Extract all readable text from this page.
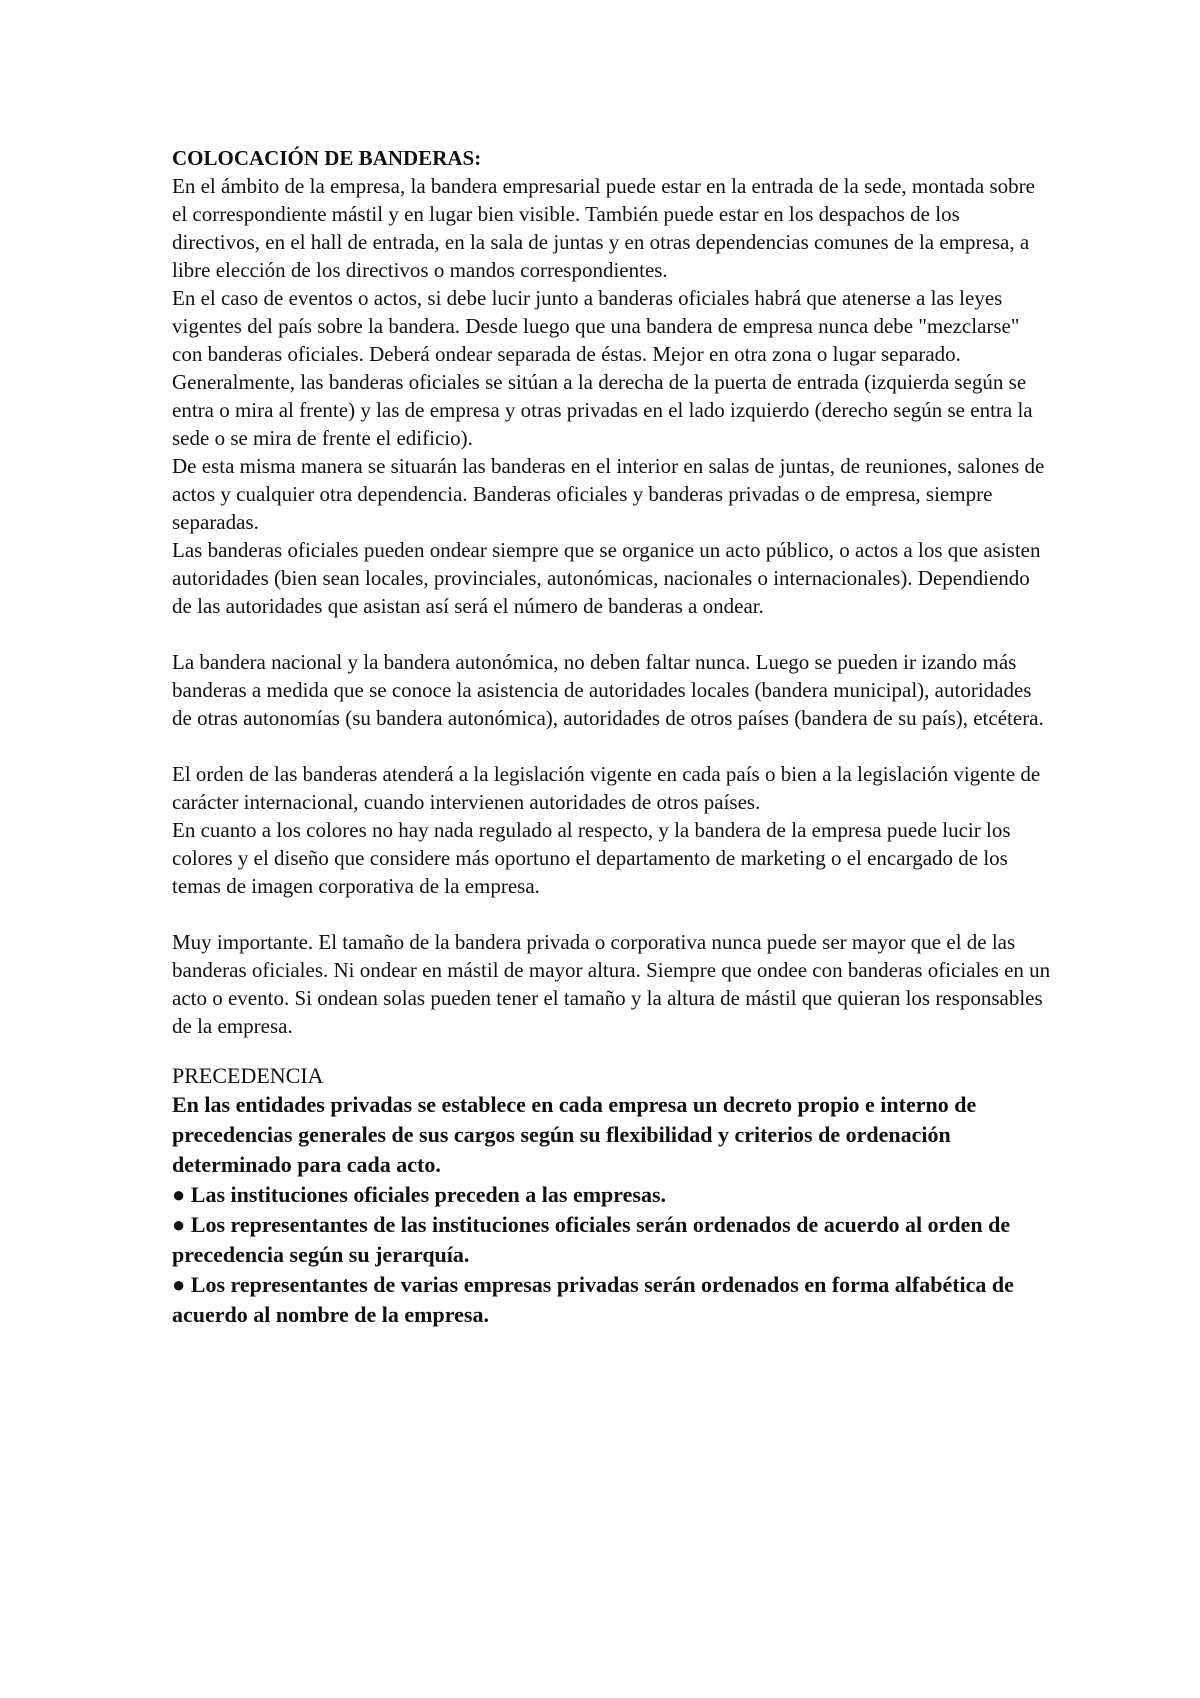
COLOCACIÓN DE BANDERAS:

En el ámbito de la empresa, la bandera empresarial puede estar en la entrada de la sede, montada sobre el correspondiente mástil y en lugar bien visible. También puede estar en los despachos de los directivos, en el hall de entrada, en la sala de juntas y en otras dependencias comunes de la empresa, a libre elección de los directivos o mandos correspondientes.

En el caso de eventos o actos, si debe lucir junto a banderas oficiales habrá que atenerse a las leyes vigentes del país sobre la bandera. Desde luego que una bandera de empresa nunca debe "mezclarse" con banderas oficiales. Deberá ondear separada de éstas. Mejor en otra zona o lugar separado.

Generalmente, las banderas oficiales se sitúan a la derecha de la puerta de entrada (izquierda según se entra o mira al frente) y las de empresa y otras privadas en el lado izquierdo (derecho según se entra la sede o se mira de frente el edificio).

De esta misma manera se situarán las banderas en el interior en salas de juntas, de reuniones, salones de actos y cualquier otra dependencia. Banderas oficiales y banderas privadas o de empresa, siempre separadas.

Las banderas oficiales pueden ondear siempre que se organice un acto público, o actos a los que asisten autoridades (bien sean locales, provinciales, autonómicas, nacionales o internacionales). Dependiendo de las autoridades que asistan así será el número de banderas a ondear.

La bandera nacional y la bandera autonómica, no deben faltar nunca. Luego se pueden ir izando más banderas a medida que se conoce la asistencia de autoridades locales (bandera municipal), autoridades de otras autonomías (su bandera autonómica), autoridades de otros países (bandera de su país), etcétera.

El orden de las banderas atenderá a la legislación vigente en cada país o bien a la legislación vigente de carácter internacional, cuando intervienen autoridades de otros países.

En cuanto a los colores no hay nada regulado al respecto, y la bandera de la empresa puede lucir los colores y el diseño que considere más oportuno el departamento de marketing o el encargado de los temas de imagen corporativa de la empresa.

Muy importante. El tamaño de la bandera privada o corporativa nunca puede ser mayor que el de las banderas oficiales. Ni ondear en mástil de mayor altura. Siempre que ondee con banderas oficiales en un acto o evento. Si ondean solas pueden tener el tamaño y la altura de mástil que quieran los responsables de la empresa.

PRECEDENCIA

En las entidades privadas se establece en cada empresa un decreto propio e interno de precedencias generales de sus cargos según su flexibilidad y criterios de ordenación determinado para cada acto.

● Las instituciones oficiales preceden a las empresas.

● Los representantes de las instituciones oficiales serán ordenados de acuerdo al orden de precedencia según su jerarquía.

● Los representantes de varias empresas privadas serán ordenados en forma alfabética de acuerdo al nombre de la empresa.
